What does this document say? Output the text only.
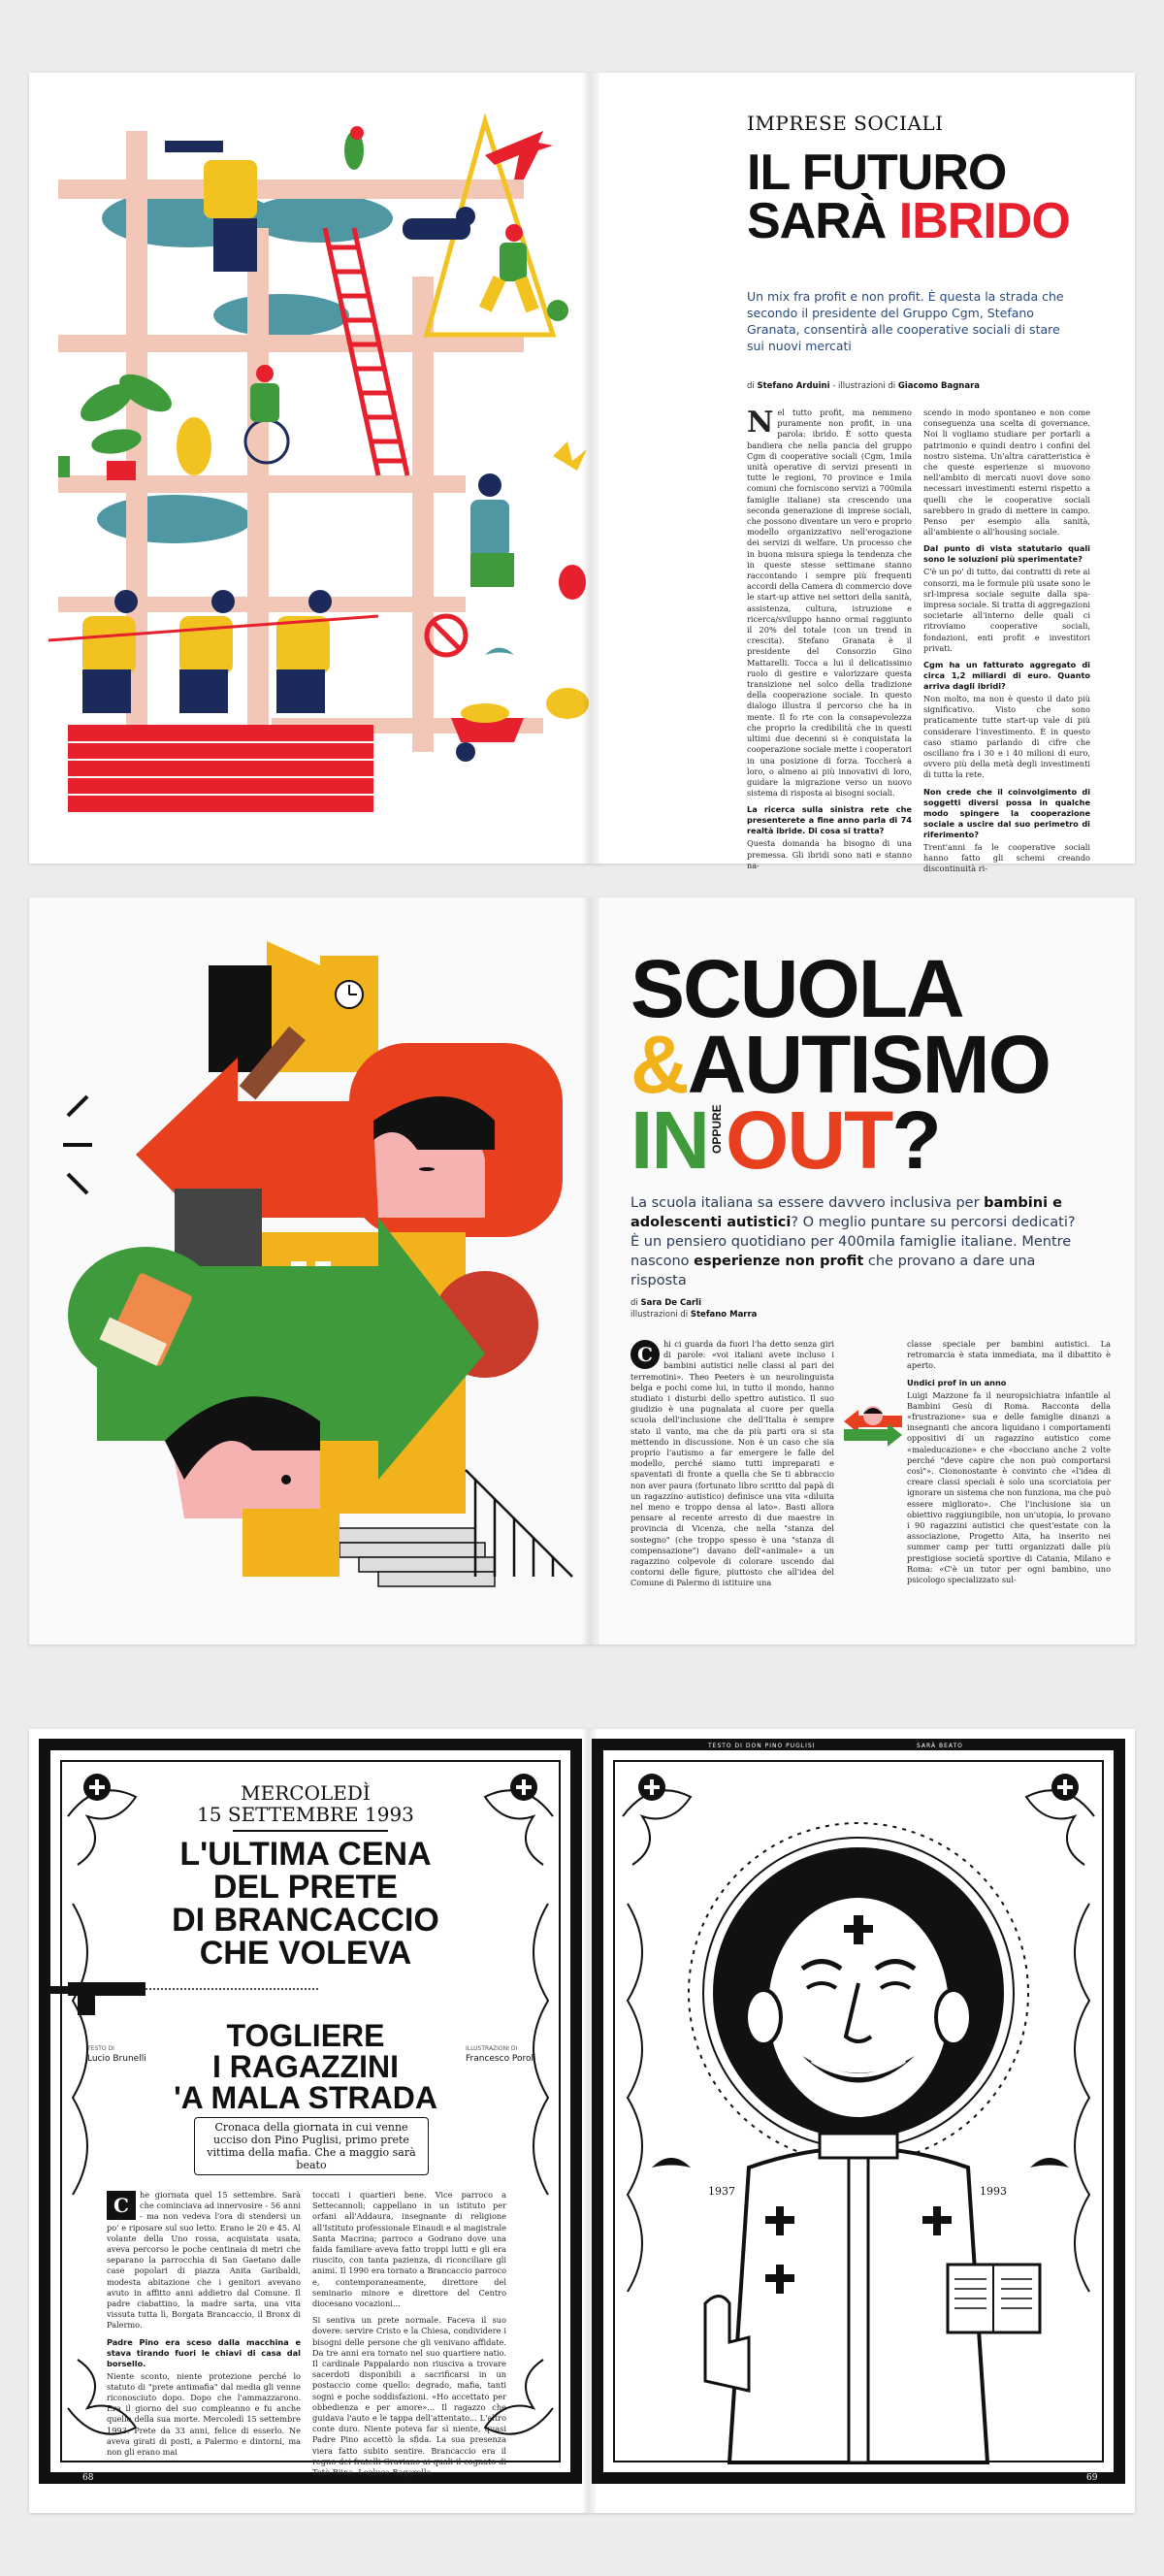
IMPRESE SOCIALI
IL FUTURO
SARÀ IBRIDO
Un mix fra profit e non profit. È questa la strada che secondo il presidente del Gruppo Cgm, Stefano Granata, consentirà alle cooperative sociali di stare sui nuovi mercati
di Stefano Arduini - illustrazioni di Giacomo Bagnara

Nel tutto profit, ma nemmeno puramente non profit, in una parola: ibrido. È sotto questa bandiera che nella pancia del gruppo Cgm di cooperative sociali (Cgm, 1mila unità operative di servizi presenti in tutte le regioni, 70 province e 1mila comuni che forniscono servizi a 700mila famiglie italiane) sta crescendo una seconda generazione di imprese sociali, che possono diventare un vero e proprio modello organizzativo nell'erogazione dei servizi di welfare. Un processo che in buona misura spiega la tendenza che in queste stesse settimane stanno raccontando i sempre più frequenti accordi della Camera di commercio dove le start-up attive nei settori della sanità, assistenza, cultura, istruzione e ricerca/sviluppo hanno ormai raggiunto il 20% del totale (con un trend in crescita). Stefano Granata è il presidente del Consorzio Gino Mattarelli. Tocca a lui il delicatissimo ruolo di gestire e valorizzare questa transizione nel solco della tradizione della cooperazione sociale. In questo dialogo illustra il percorso che ha in mente. Il fo rte con la consapevolezza che proprio la credibilità che in questi ultimi due decenni si è conquistata la cooperazione sociale mette i cooperatori in una posizione di forza. Toccherà a loro, o almeno ai più innovativi di loro, guidare la migrazione verso un nuovo sistema di risposta ai bisogni sociali.

La ricerca sulla sinistra rete che presenterete a fine anno parla di 74 realtà ibride. Di cosa si tratta?

Questa domanda ha bisogno di una premessa. Gli ibridi sono nati e stanno na-

scendo in modo spontaneo e non come conseguenza una scelta di governance. Noi li vogliamo studiare per portarli a patrimonio e quindi dentro i confini del nostro sistema. Un'altra caratteristica è che queste esperienze si muovono nell'ambito di mercati nuovi dove sono necessari investimenti esterni rispetto a quelli che le cooperative sociali sarebbero in grado di mettere in campo. Penso per esempio alla sanità, all'ambiente o all'housing sociale.

Dal punto di vista statutario quali sono le soluzioni più sperimentate?

C'è un po' di tutto, dai contratti di rete ai consorzi, ma le formule più usate sono le srl-impresa sociale seguite dalla spa-impresa sociale. Si tratta di aggregazioni societarie all'interno delle quali ci ritroviamo cooperative sociali, fondazioni, enti profit e investitori privati.

Cgm ha un fatturato aggregato di circa 1,2 miliardi di euro. Quanto arriva dagli ibridi?

Non molto, ma non è questo il dato più significativo. Visto che sono praticamente tutte start-up vale di più considerare l'investimento. È in questo caso stiamo parlando di cifre che oscillano fra i 30 e i 40 milioni di euro, ovvero più della metà degli investimenti di tutta la rete.

Non crede che il coinvolgimento di soggetti diversi possa in qualche modo spingere la cooperazione sociale a uscire dal suo perimetro di riferimento?

Trent'anni fa le cooperative sociali hanno fatto gli schemi creando discontinuità ri-

SCUOLA
&AUTISMO
IN OPPUREOUT?
La scuola italiana sa essere davvero inclusiva per bambini e adolescenti autistici? O meglio puntare su percorsi dedicati? È un pensiero quotidiano per 400mila famiglie italiane. Mentre nascono esperienze non profit che provano a dare una risposta
di Sara De Carli
illustrazioni di Stefano Marra

C	hi ci guarda da fuori l'ha detto senza giri di parole: «voi italiani avete incluso i bambini autistici nelle classi al pari dei terremotini». Theo Peeters è un neurolinguista belga e pochi come lui, in tutto il mondo, hanno studiato i disturbi dello spettro autistico. Il suo giudizio è una pugnalata al cuore per quella scuola dell'inclusione che dell'Italia è sempre stato il vanto, ma che da più parti ora si sta mettendo in discussione. Non è un caso che sia proprio l'autismo a far emergere le falle del modello, perché siamo tutti impreparati e spaventati di fronte a quella che Se ti abbraccio non aver paura (fortunato libro scritto dal papà di un ragazzino autistico) definisce una vita «diluita nel meno e troppo densa al lato». Basti allora pensare al recente arresto di due maestre in provincia di Vicenza, che nella "stanza del sostegno" (che troppo spesso è una "stanza di compensazione") davano dell'«animale» a un ragazzino colpevole di colorare uscendo dai contorni delle figure, piuttosto che all'idea del Comune di Palermo di istituire una

classe speciale per bambini autistici. La retromarcia è stata immediata, ma il dibattito è aperto.

Undici prof in un anno

Luigi Mazzone fa il neuropsichiatra infantile al Bambini Gesù di Roma. Racconta della «frustrazione» sua e delle famiglie dinanzi a insegnanti che ancora liquidano i comportamenti oppositivi di un ragazzino autistico come «maleducazione» e che «bocciano anche 2 volte perché "deve capire che non può comportarsi così"». Ciononostante è convinto che «l'idea di creare classi speciali è solo una scorciatoia per ignorare un sistema che non funziona, ma che può essere migliorato». Che l'inclusione sia un obiettivo raggiungibile, non un'utopia, lo provano i 90 ragazzini autistici che quest'estate con la associazione, Progetto Aita, ha inserito nei summer camp per tutti organizzati dalle più prestigiose società sportive di Catania, Milano e Roma: «C'è un tutor per ogni bambino, uno psicologo specializzato sul-

TESTO DI DON PINO PUGLISI	SARÀ BEATO
MERCOLEDÌ
15 SETTEMBRE 1993
L'ULTIMA CENA
DEL PRETE
DI BRANCACCIO
CHE VOLEVA
TOGLIERE
I RAGAZZINI
'A MALA STRADA
TESTO DI
Lucio Brunelli
ILLUSTRAZIONI DI
Francesco Poroli
Cronaca della giornata in cui venne ucciso don Pino Puglisi, primo prete vittima della mafia. Che a maggio sarà beato

C	he giornata quel 15 settembre. Sarà che cominciava ad innervosire - 56 anni - ma non vedeva l'ora di stendersi un po' e riposare sul suo letto. Erano le 20 e 45. Al volante della Uno rossa, acquistata usata, aveva percorso le poche centinaia di metri che separano la parrocchia di San Gaetano dalle case popolari di piazza Anita Garibaldi, modesta abitazione che i genitori avevano avuto in affitto anni addietro dal Comune. Il padre ciabattino, la madre sarta, una vita vissuta tutta lì, Borgata Brancaccio, il Bronx di Palermo.

Padre Pino era sceso dalla macchina e stava tirando fuori le chiavi di casa dal borsello.

Niente sconto, niente protezione perché lo statuto di "prete antimafia" dal media gli venne riconosciuto dopo. Dopo che l'ammazzarono. Era il giorno del suo compleanno e fu anche quello della sua morte. Mercoledì 15 settembre 1993. Prete da 33 anni, felice di esserlo. Ne aveva girati di posti, a Palermo e dintorni, ma non gli erano mai

toccati i quartieri bene. Vice parroco a Settecannoli; cappellano in un istituto per orfani all'Addaura, insegnante di religione all'Istituto professionale Einaudi e al magistrale Santa Macrina; parroco a Godrano dove una faida familiare aveva fatto troppi lutti e gli era riuscito, con tanta pazienza, di riconciliare gli animi. Il 1990 era tornato a Brancaccio parroco e, contemporaneamente, direttore del seminario minore e direttore del Centro diocesano vocazioni...

Si sentiva un prete normale. Faceva il suo dovere: servire Cristo e la Chiesa, condividere i bisogni delle persone che gli venivano affidate. Da tre anni era tornato nel suo quartiere natio. Il cardinale Pappalardo non riusciva a trovare sacerdoti disponibili a sacrificarsi in un postaccio come quello: degrado, mafia, tanti sogni e poche soddisfazioni. «Ho accettato per obbedienza e per amore»... Il ragazzo che guidava l'auto e le tappa dell'attentato... L'altro conte duro. Niente poteva far sì niente, quasi Padre Pino accettò la sfida. La sua presenza viera fatto subito sentire. Brancaccio era il regno dei fratelli Graviano ai quali il cognato di Totò Riina, Leoluca Bagarella.

68	69
1937	1993
